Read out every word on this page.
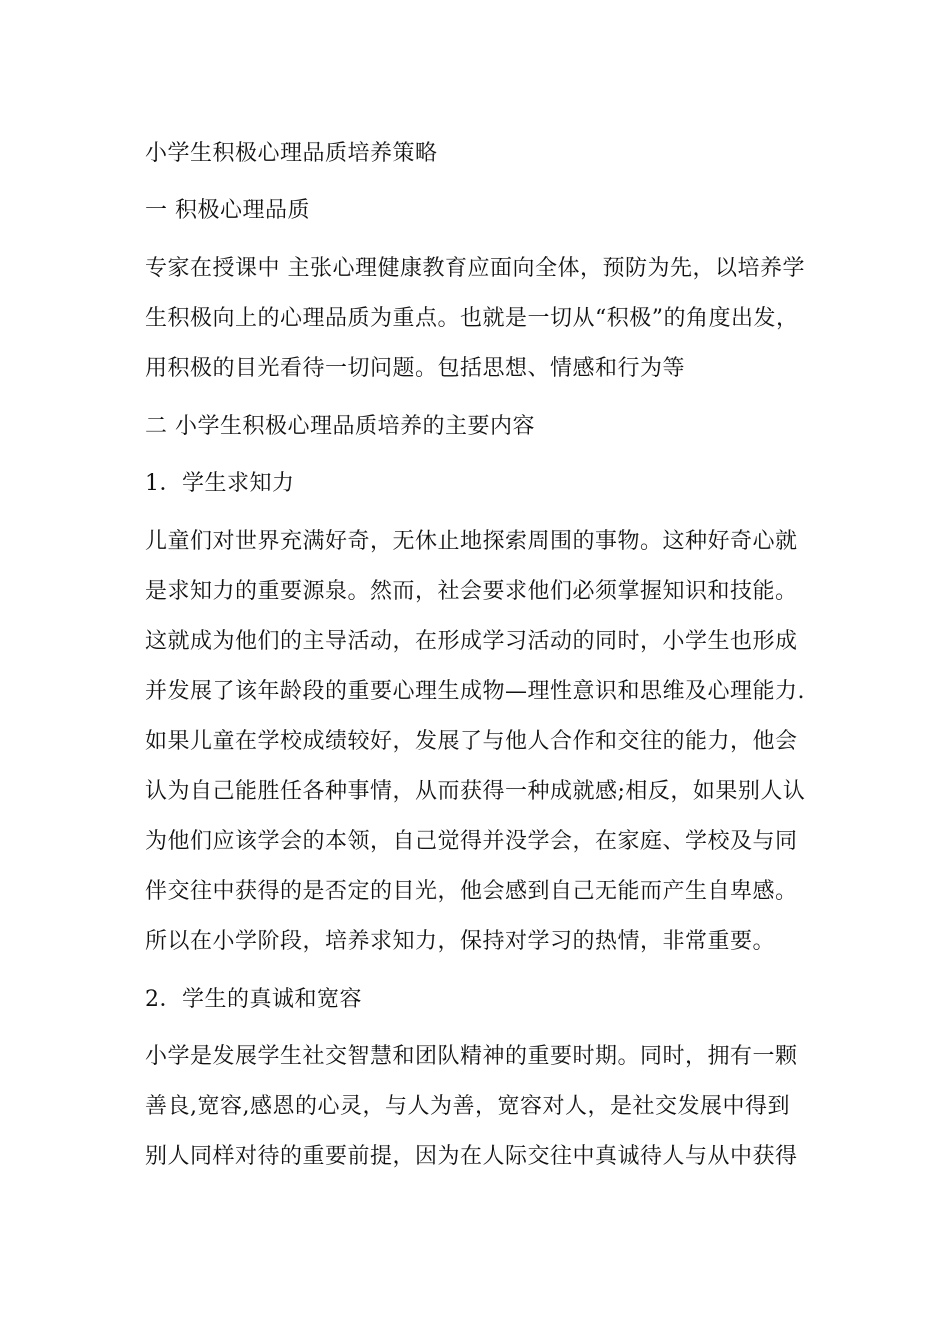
小学生积极心理品质培养策略
一 积极心理品质
专家在授课中 主张心理健康教育应面向全体，预防为先，以培养学
生积极向上的心理品质为重点。也就是一切从“积极”的角度出发，
用积极的目光看待一切问题。包括思想、情感和行为等
二 小学生积极心理品质培养的主要内容
1．学生求知力
儿童们对世界充满好奇，无休止地探索周围的事物。这种好奇心就
是求知力的重要源泉。然而，社会要求他们必须掌握知识和技能。
这就成为他们的主导活动，在形成学习活动的同时，小学生也形成
并发展了该年龄段的重要心理生成物—理性意识和思维及心理能力.
如果儿童在学校成绩较好，发展了与他人合作和交往的能力，他会
认为自己能胜任各种事情，从而获得一种成就感;相反，如果别人认
为他们应该学会的本领，自己觉得并没学会，在家庭、学校及与同
伴交往中获得的是否定的目光，他会感到自己无能而产生自卑感。
所以在小学阶段，培养求知力，保持对学习的热情，非常重要。
2．学生的真诚和宽容
小学是发展学生社交智慧和团队精神的重要时期。同时，拥有一颗
善良,宽容,感恩的心灵，与人为善，宽容对人，是社交发展中得到
别人同样对待的重要前提，因为在人际交往中真诚待人与从中获得
